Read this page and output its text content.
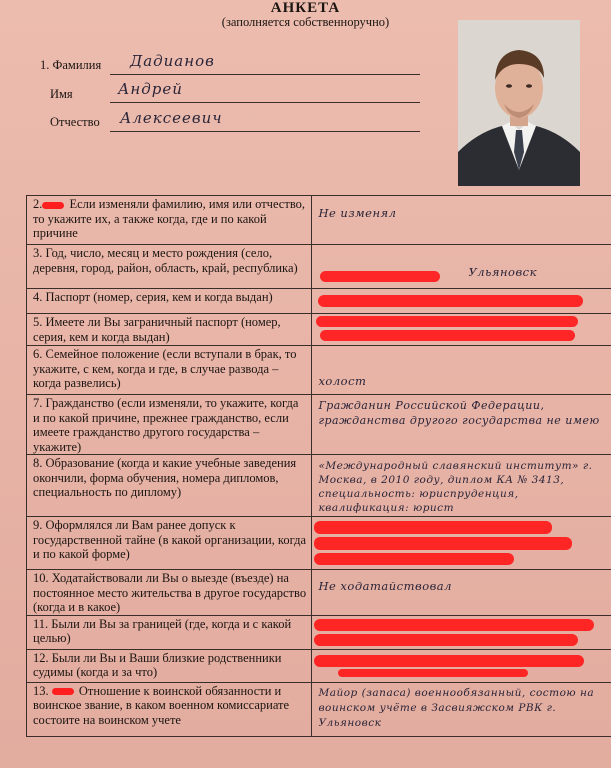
АНКЕТА
(заполняется собственноручно)
1. Фамилия Дадианов
Имя	Андрей
Отчество Алексеевич
2. Если изменяли фамилию, имя или отчество, то укажите их, а также когда, где и по какой причине	Не изменял

3. Год, число, месяц и место рождения (село, деревня, город, район, область, край, республика)	Ульяновск

4. Паспорт (номер, серия, кем и когда выдан)	

5. Имеете ли Вы заграничный паспорт (номер, серия, кем и когда выдан)	

6. Семейное положение (если вступали в брак, то укажите, с кем, когда и где, в случае развода – когда развелись)	холост

7. Гражданство (если изменяли, то укажите, когда и по какой причине, прежнее гражданство, если имеете гражданство другого государства – укажите)	Гражданин Российской Федерации, гражданства другого государства не имею

8. Образование (когда и какие учебные заведения окончили, форма обучения, номера дипломов, специальность по диплому)	«Международный славянский институт» г. Москва, в 2010 году, диплом КА № 3413, специальность: юриспруденция, квалификация: юрист

9. Оформлялся ли Вам ранее допуск к государственной тайне (в какой организации, когда и по какой форме)	

10. Ходатайствовали ли Вы о выезде (въезде) на постоянное место жительства в другое государство (когда и в какое)	Не ходатайствовал

11. Были ли Вы за границей (где, когда и с какой целью)	

12. Были ли Вы и Ваши близкие родственники судимы (когда и за что)	

13. Отношение к воинской обязанности и воинское звание, в каком военном комиссариате состоите на воинском учете	Майор (запаса) военнообязанный, состою на воинском учёте в Засвияжском РВК г. Ульяновск
